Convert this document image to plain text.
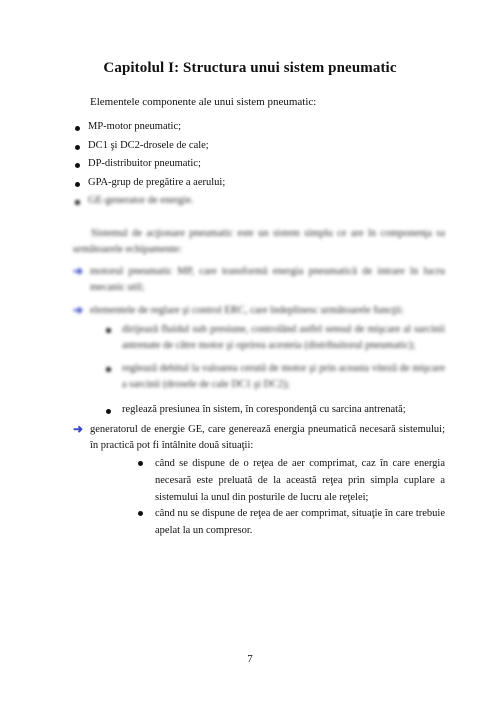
Capitolul I: Structura unui sistem pneumatic
Elementele componente ale unui sistem pneumatic:
MP-motor pneumatic;
DC1 şi DC2-drosele de cale;
DP-distribuitor pneumatic;
GPA-grup de pregătire a aerului;
GE-generator de energie.
Sistemul de acţionare pneumatic este un sistem simplu ce are în componenţa sa următoarele echipamente:
➜ motorul pneumatic MP, care transformă energia pneumatică de intrare în lucru mecanic util;
➜ elementele de reglare şi control ERC, care îndeplinesc următoarele funcţii:
dirijează fluidul sub presiune, controlând astfel sensul de mişcare al sarcinii antrenate de către motor şi oprirea acesteia (distribuitorul pneumatic);
reglează debitul la valoarea cerută de motor şi prin aceasta viteză de mişcare a sarcinii (drosele de cale DC1 şi DC2);
reglează presiunea în sistem, în corespondenţă cu sarcina antrenată;
➜ generatorul de energie GE, care generează energia pneumatică necesară sistemului; în practică pot fi întâlnite două situaţii:
când se dispune de o reţea de aer comprimat, caz în care energia necesară este preluată de la această reţea prin simpla cuplare a sistemului la unul din posturile de lucru ale reţelei;
când nu se dispune de reţea de aer comprimat, situaţie în care trebuie apelat la un compresor.
7
